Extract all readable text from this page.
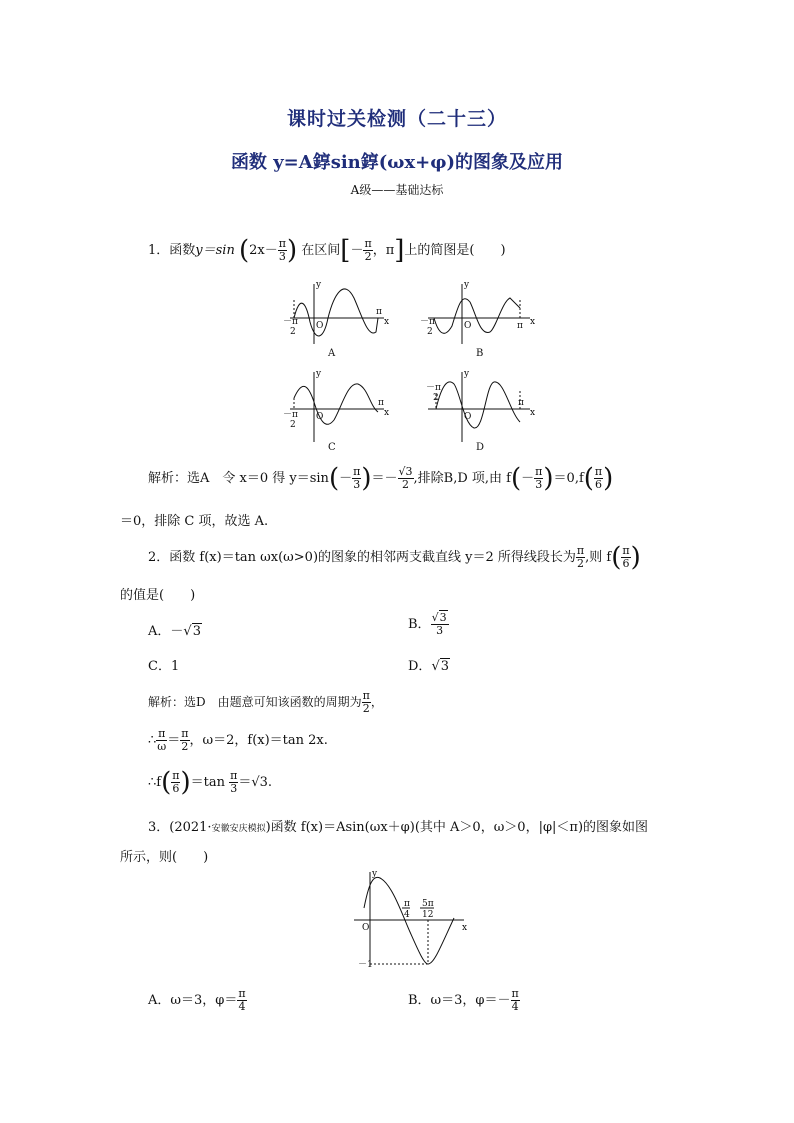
课时过关检测（二十三）
函数 y=A錞sin錞(ωx+φ)的图象及应用
A级——基础达标
1．函数y＝sin ($2x- \frac{\pi}{3}$ ) 在区间[－ $\frac{\pi}{2}$ ，π]上的简图是(　　)
y
x
O
π
－π
2
y
x
O	π
－π
2
y
x
O
π
－π
2
y
x
O
π
－π
2
A	B
C	D
解析：选A　令 x＝0 得 $y=\sin(- \frac{\pi}{3}$ )＝－ $\frac{√3}{2}$ ,排除B,D 项,由 $f(- \frac{\pi}{3} )=0,f( \frac{\pi}{6}$ )
＝0，排除 C 项，故选 A.
2．函数 f(x)＝tan ωx(ω>0)的图象的相邻两支截直线 y＝2 所得线段长为 $\frac{\pi}{2}$ ,则 $f( \frac{\pi}{6}$ )
的值是(　　)
A．－√3	B． $\frac{√3}{3}$
C．1	D．√3
解析：选D　由题意可知该函数的周期为 $\frac{\pi}{2}$ ，
∴ $\frac{\pi}{\omega} = \frac{\pi}{2}$ ，ω＝2，f(x)＝tan 2x.
∴f( $\frac{\pi}{6} )=\tan \frac{\pi}{3} =√3$.
3．(2021·安徽安庆模拟)函数 f(x)＝Asin(ωx＋φ)(其中 A＞0，ω＞0，|φ|＜π)的图象如图
所示，则(　　)
y
x
O
π
4
5π
12
－1
A．ω＝3，$\varphi= \frac{\pi}{4}$	B．ω＝3，$\varphi=- \frac{\pi}{4}$
